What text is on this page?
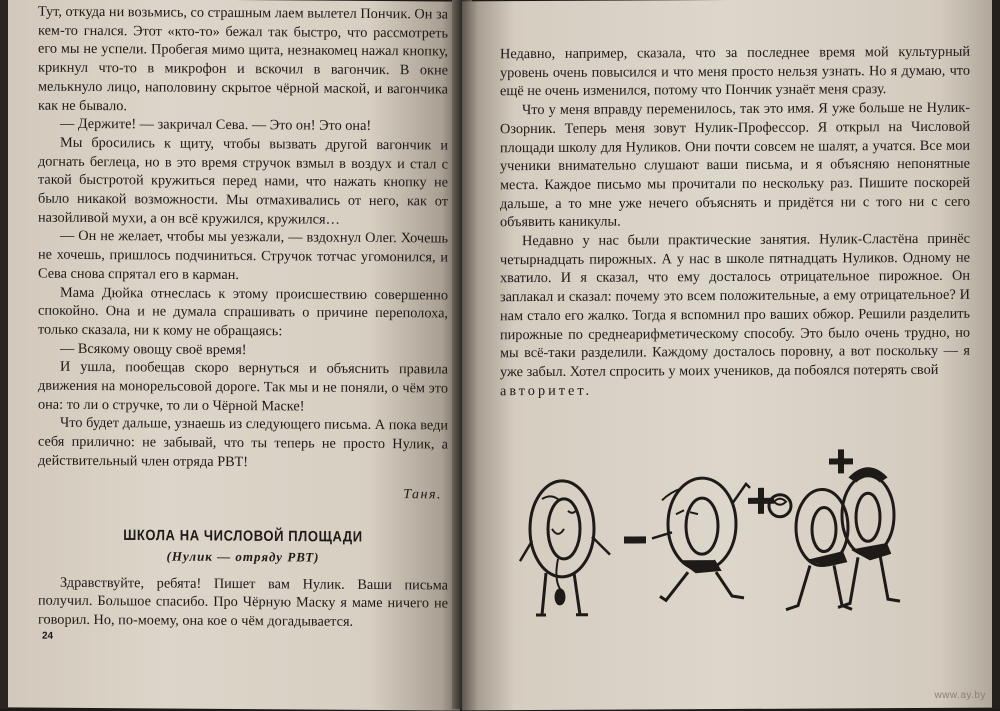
Тут, откуда ни возьмись, со страшным лаем вылетел Пончик. Он за кем-то гнался. Этот «кто-то» бежал так быстро, что рассмотреть его мы не успели. Пробегая мимо щита, незнакомец нажал кнопку, крикнул что-то в микрофон и вскочил в вагончик. В окне мелькнуло лицо, наполовину скрытое чёрной маской, и вагончика как не бывало.

— Держите! — закричал Сева. — Это он! Это она!

Мы бросились к щиту, чтобы вызвать другой вагончик и догнать беглеца, но в это время стручок взмыл в воздух и стал с такой быстротой кружиться перед нами, что нажать кнопку не было никакой возможности. Мы отмахивались от него, как от назойливой мухи, а он всё кружился, кружился…

— Он не желает, чтобы мы уезжали, — вздохнул Олег. Хочешь не хочешь, пришлось подчиниться. Стручок тотчас угомонился, и Сева снова спрятал его в карман.

Мама Дюйка отнеслась к этому происшествию совершенно спокойно. Она и не думала спрашивать о причине переполоха, только сказала, ни к кому не обращаясь:

— Всякому овощу своё время!

И ушла, пообещав скоро вернуться и объяснить правила движения на монорельсовой дороге. Так мы и не поняли, о чём это она: то ли о стручке, то ли о Чёрной Маске!

Что будет дальше, узнаешь из следующего письма. А пока веди себя прилично: не забывай, что ты теперь не просто Нулик, а действительный член отряда РВТ!

Таня.
ШКОЛА НА ЧИСЛОВОЙ ПЛОЩАДИ
(Нулик — отряду РВТ)

Здравствуйте, ребята! Пишет вам Нулик. Ваши письма получил. Большое спасибо. Про Чёрную Маску я маме ничего не говорил. Но, по-моему, она кое о чём догадывается.

24

Недавно, например, сказала, что за последнее время мой культурный уровень очень повысился и что меня просто нельзя узнать. Но я думаю, что ещё не очень изменился, потому что Пончик узнаёт меня сразу.

Что у меня вправду переменилось, так это имя. Я уже больше не Нулик-Озорник. Теперь меня зовут Нулик-Профессор. Я открыл на Числовой площади школу для Нуликов. Они почти совсем не шалят, а учатся. Все мои ученики внимательно слушают ваши письма, и я объясняю непонятные места. Каждое письмо мы прочитали по нескольку раз. Пишите поскорей дальше, а то мне уже нечего объяснять и придётся ни с того ни с сего объявить каникулы.

Недавно у нас были практические занятия. Нулик-Сластёна принёс четырнадцать пирожных. А у нас в школе пятнадцать Нуликов. Одному не хватило. И я сказал, что ему досталось отрицательное пирожное. Он заплакал и сказал: почему это всем положительные, а ему отрицательное? И нам стало его жалко. Тогда я вспомнил про ваших обжор. Решили разделить пирожные по среднеарифметическому способу. Это было очень трудно, но мы всё-таки разделили. Каждому досталось поровну, а вот поскольку — я уже забыл. Хотел спросить у моих учеников, да побоялся потерять свой

авторитет.

www.ay.by
